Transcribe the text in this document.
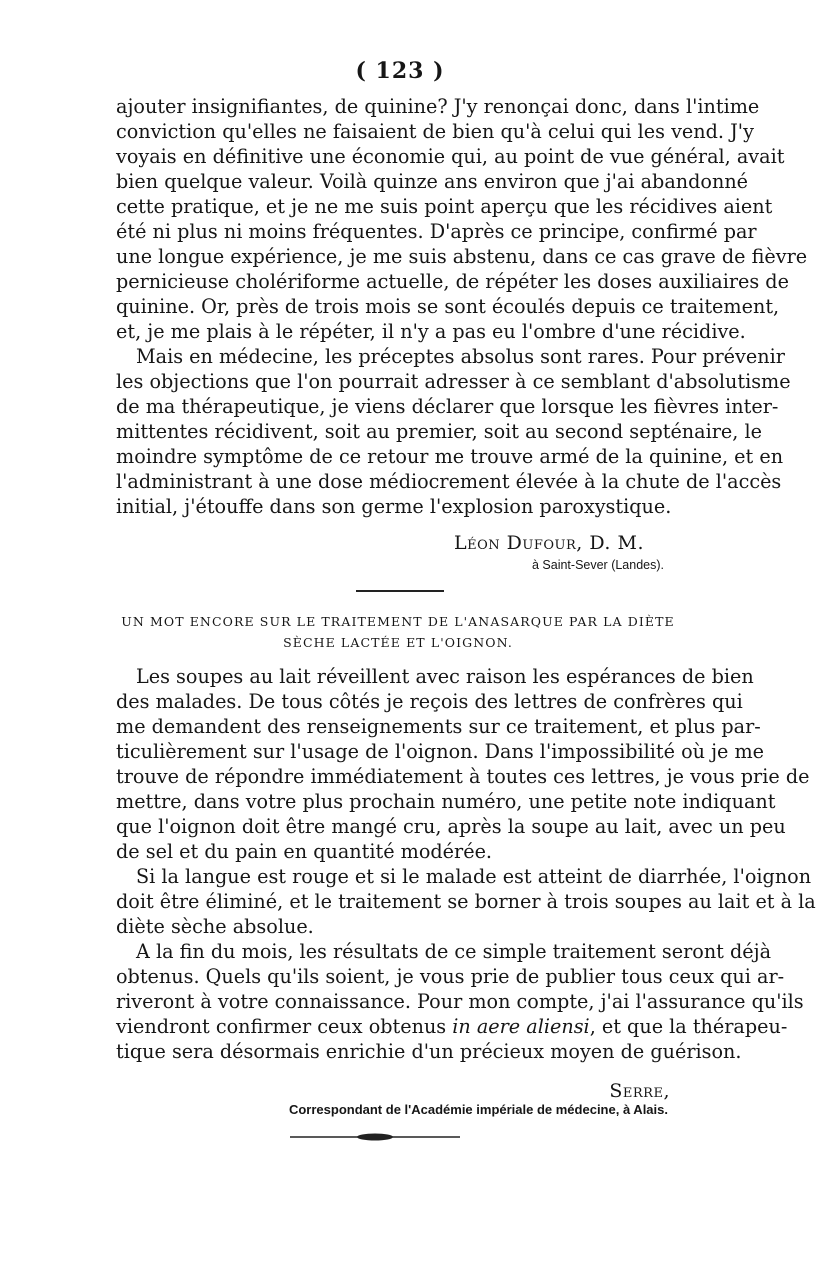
( 123 )
ajouter insignifiantes, de quinine? J'y renonçai donc, dans l'intime
conviction qu'elles ne faisaient de bien qu'à celui qui les vend. J'y
voyais en définitive une économie qui, au point de vue général, avait
bien quelque valeur. Voilà quinze ans environ que j'ai abandonné
cette pratique, et je ne me suis point aperçu que les récidives aient
été ni plus ni moins fréquentes. D'après ce principe, confirmé par
une longue expérience, je me suis abstenu, dans ce cas grave de fièvre
pernicieuse cholériforme actuelle, de répéter les doses auxiliaires de
quinine. Or, près de trois mois se sont écoulés depuis ce traitement,
et, je me plais à le répéter, il n'y a pas eu l'ombre d'une récidive.
Mais en médecine, les préceptes absolus sont rares. Pour prévenir
les objections que l'on pourrait adresser à ce semblant d'absolutisme
de ma thérapeutique, je viens déclarer que lorsque les fièvres inter-
mittentes récidivent, soit au premier, soit au second septénaire, le
moindre symptôme de ce retour me trouve armé de la quinine, et en
l'administrant à une dose médiocrement élevée à la chute de l'accès
initial, j'étouffe dans son germe l'explosion paroxystique.
Léon Dufour, D. M.
à Saint-Sever (Landes).
UN MOT ENCORE SUR LE TRAITEMENT DE L'ANASARQUE PAR LA DIÈTE
SÈCHE LACTÉE ET L'OIGNON.
Les soupes au lait réveillent avec raison les espérances de bien
des malades. De tous côtés je reçois des lettres de confrères qui
me demandent des renseignements sur ce traitement, et plus par-
ticulièrement sur l'usage de l'oignon. Dans l'impossibilité où je me
trouve de répondre immédiatement à toutes ces lettres, je vous prie de
mettre, dans votre plus prochain numéro, une petite note indiquant
que l'oignon doit être mangé cru, après la soupe au lait, avec un peu
de sel et du pain en quantité modérée.
Si la langue est rouge et si le malade est atteint de diarrhée, l'oignon
doit être éliminé, et le traitement se borner à trois soupes au lait et à la
diète sèche absolue.
A la fin du mois, les résultats de ce simple traitement seront déjà
obtenus. Quels qu'ils soient, je vous prie de publier tous ceux qui ar-
riveront à votre connaissance. Pour mon compte, j'ai l'assurance qu'ils
viendront confirmer ceux obtenus in aere aliensi, et que la thérapeu-
tique sera désormais enrichie d'un précieux moyen de guérison.
Serre,
Correspondant de l'Académie impériale de médecine, à Alais.
